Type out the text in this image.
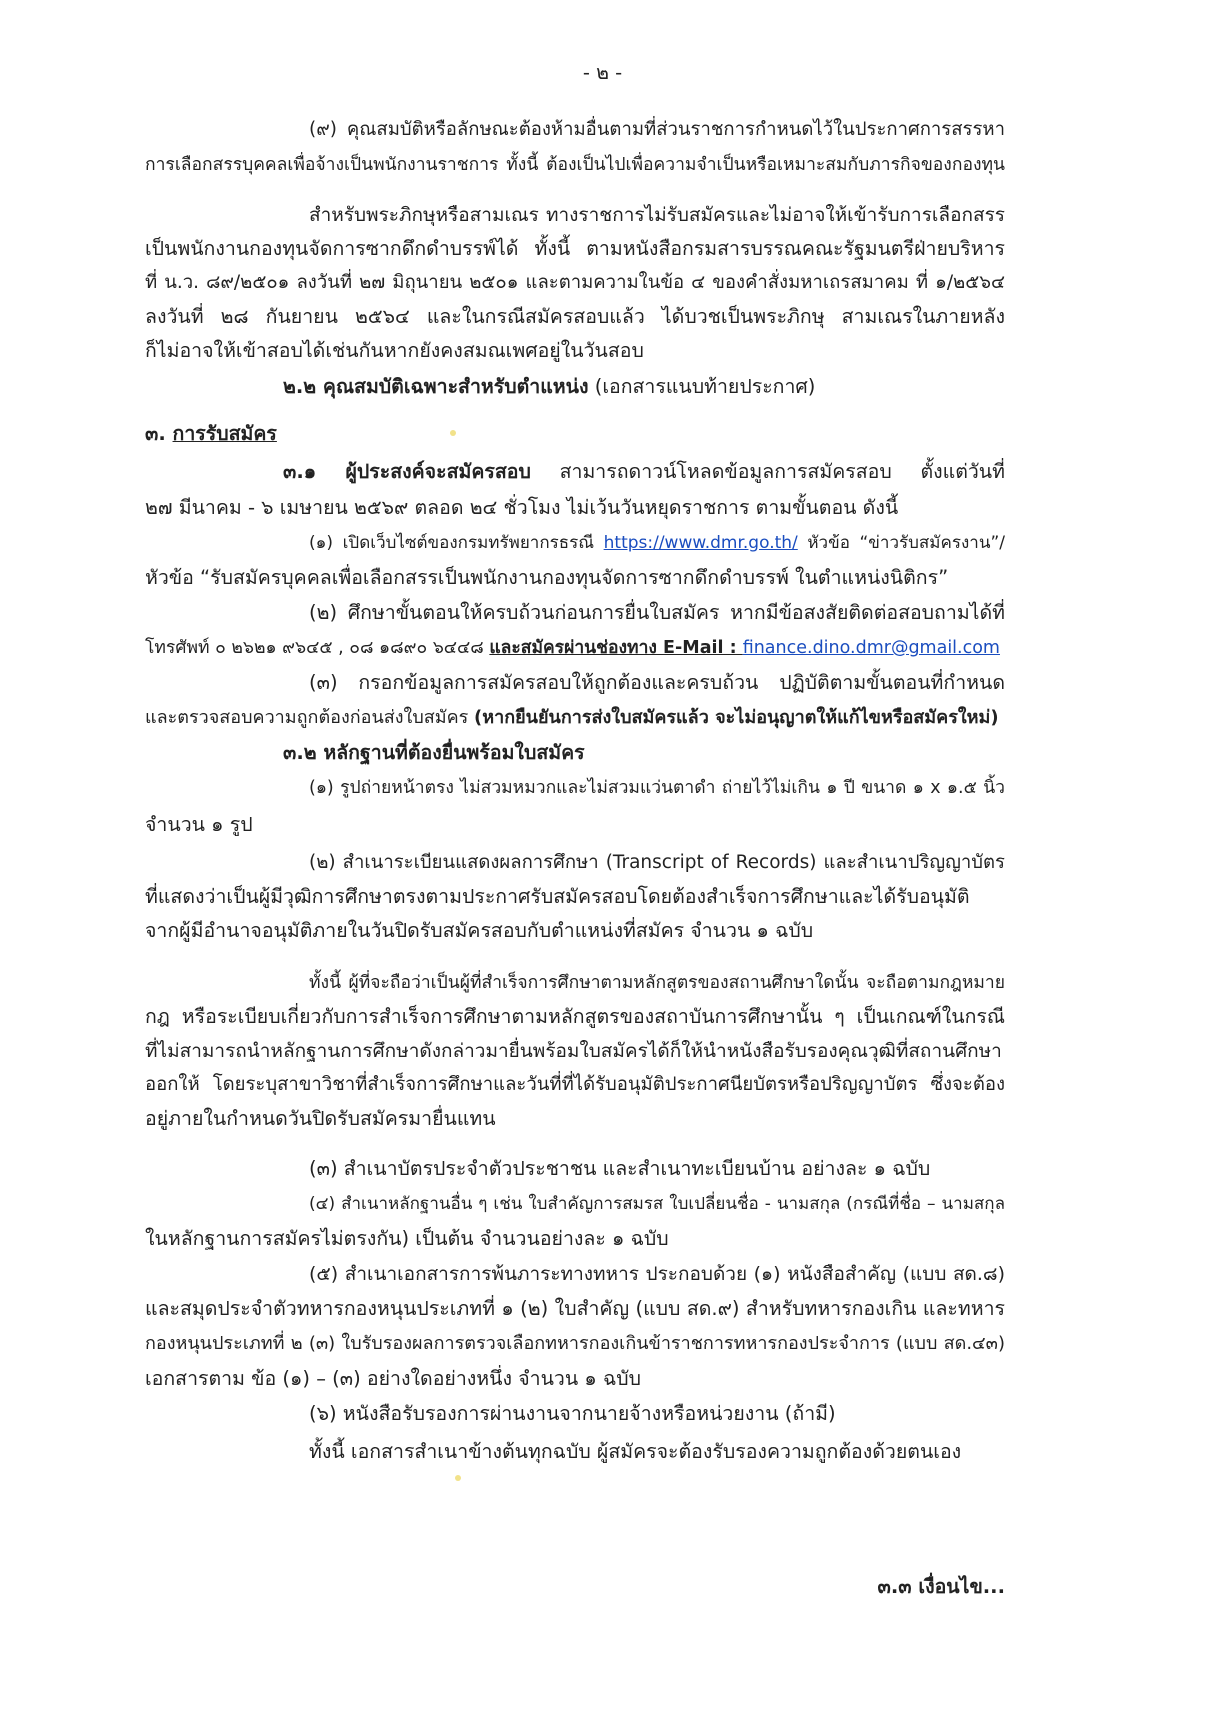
- ๒ -
(๙) คุณสมบัติหรือลักษณะต้องห้ามอื่นตามที่ส่วนราชการกำหนดไว้ในประกาศการสรรหา
การเลือกสรรบุคคลเพื่อจ้างเป็นพนักงานราชการ ทั้งนี้ ต้องเป็นไปเพื่อความจำเป็นหรือเหมาะสมกับภารกิจของกองทุน
สำหรับพระภิกษุหรือสามเณร ทางราชการไม่รับสมัครและไม่อาจให้เข้ารับการเลือกสรร
เป็นพนักงานกองทุนจัดการซากดึกดำบรรพ์ได้ ทั้งนี้ ตามหนังสือกรมสารบรรณคณะรัฐมนตรีฝ่ายบริหาร
ที่ น.ว. ๘๙/๒๕๐๑ ลงวันที่ ๒๗ มิถุนายน ๒๕๐๑ และตามความในข้อ ๔ ของคำสั่งมหาเถรสมาคม ที่ ๑/๒๕๖๔
ลงวันที่ ๒๘ กันยายน ๒๕๖๔ และในกรณีสมัครสอบแล้ว ได้บวชเป็นพระภิกษุ สามเณรในภายหลัง
ก็ไม่อาจให้เข้าสอบได้เช่นกันหากยังคงสมณเพศอยู่ในวันสอบ
๒.๒ คุณสมบัติเฉพาะสำหรับตำแหน่ง (เอกสารแนบท้ายประกาศ)
๓. การรับสมัคร
๓.๑ ผู้ประสงค์จะสมัครสอบ สามารถดาวน์โหลดข้อมูลการสมัครสอบ ตั้งแต่วันที่
๒๗ มีนาคม - ๖ เมษายน ๒๕๖๙ ตลอด ๒๔ ชั่วโมง ไม่เว้นวันหยุดราชการ ตามขั้นตอน ดังนี้
(๑) เปิดเว็บไซต์ของกรมทรัพยากรธรณี https://www.dmr.go.th/ หัวข้อ “ข่าวรับสมัครงาน”/
หัวข้อ “รับสมัครบุคคลเพื่อเลือกสรรเป็นพนักงานกองทุนจัดการซากดึกดำบรรพ์ ในตำแหน่งนิติกร”
(๒) ศึกษาขั้นตอนให้ครบถ้วนก่อนการยื่นใบสมัคร หากมีข้อสงสัยติดต่อสอบถามได้ที่
โทรศัพท์ ๐ ๒๖๒๑ ๙๖๔๕ , ๐๘ ๑๘๙๐ ๖๔๔๘ และสมัครผ่านช่องทาง E-Mail : finance.dino.dmr@gmail.com
(๓) กรอกข้อมูลการสมัครสอบให้ถูกต้องและครบถ้วน ปฏิบัติตามขั้นตอนที่กำหนด
และตรวจสอบความถูกต้องก่อนส่งใบสมัคร (หากยืนยันการส่งใบสมัครแล้ว จะไม่อนุญาตให้แก้ไขหรือสมัครใหม่)
๓.๒ หลักฐานที่ต้องยื่นพร้อมใบสมัคร
(๑) รูปถ่ายหน้าตรง ไม่สวมหมวกและไม่สวมแว่นตาดำ ถ่ายไว้ไม่เกิน ๑ ปี ขนาด ๑ x ๑.๕ นิ้ว
จำนวน ๑ รูป
(๒) สำเนาระเบียนแสดงผลการศึกษา (Transcript of Records) และสำเนาปริญญาบัตร
ที่แสดงว่าเป็นผู้มีวุฒิการศึกษาตรงตามประกาศรับสมัครสอบโดยต้องสำเร็จการศึกษาและได้รับอนุมัติ
จากผู้มีอำนาจอนุมัติภายในวันปิดรับสมัครสอบกับตำแหน่งที่สมัคร จำนวน ๑ ฉบับ
ทั้งนี้ ผู้ที่จะถือว่าเป็นผู้ที่สำเร็จการศึกษาตามหลักสูตรของสถานศึกษาใดนั้น จะถือตามกฎหมาย
กฎ หรือระเบียบเกี่ยวกับการสำเร็จการศึกษาตามหลักสูตรของสถาบันการศึกษานั้น ๆ เป็นเกณฑ์ในกรณี
ที่ไม่สามารถนำหลักฐานการศึกษาดังกล่าวมายื่นพร้อมใบสมัครได้ก็ให้นำหนังสือรับรองคุณวุฒิที่สถานศึกษา
ออกให้ โดยระบุสาขาวิชาที่สำเร็จการศึกษาและวันที่ที่ได้รับอนุมัติประกาศนียบัตรหรือปริญญาบัตร ซึ่งจะต้อง
อยู่ภายในกำหนดวันปิดรับสมัครมายื่นแทน
(๓) สำเนาบัตรประจำตัวประชาชน และสำเนาทะเบียนบ้าน อย่างละ ๑ ฉบับ
(๔) สำเนาหลักฐานอื่น ๆ เช่น ใบสำคัญการสมรส ใบเปลี่ยนชื่อ - นามสกุล (กรณีที่ชื่อ – นามสกุล
ในหลักฐานการสมัครไม่ตรงกัน) เป็นต้น จำนวนอย่างละ ๑ ฉบับ
(๕) สำเนาเอกสารการพ้นภาระทางทหาร ประกอบด้วย (๑) หนังสือสำคัญ (แบบ สด.๘)
และสมุดประจำตัวทหารกองหนุนประเภทที่ ๑ (๒) ใบสำคัญ (แบบ สด.๙) สำหรับทหารกองเกิน และทหาร
กองหนุนประเภทที่ ๒ (๓) ใบรับรองผลการตรวจเลือกทหารกองเกินข้าราชการทหารกองประจำการ (แบบ สด.๔๓)
เอกสารตาม ข้อ (๑) – (๓) อย่างใดอย่างหนึ่ง จำนวน ๑ ฉบับ
(๖) หนังสือรับรองการผ่านงานจากนายจ้างหรือหน่วยงาน (ถ้ามี)
ทั้งนี้ เอกสารสำเนาข้างต้นทุกฉบับ ผู้สมัครจะต้องรับรองความถูกต้องด้วยตนเอง
๓.๓ เงื่อนไข...
